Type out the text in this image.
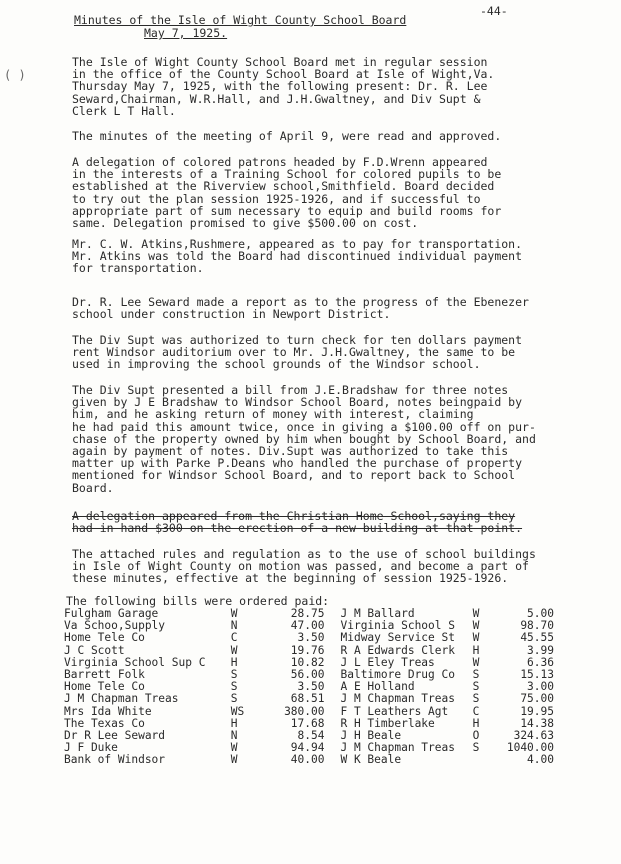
-44-
( )
Minutes of the Isle of Wight County School Board
May 7, 1925.
The Isle of Wight County School Board met in regular session
in the office of the County School Board at Isle of Wight,Va.
Thursday May 7, 1925, with the following present: Dr. R. Lee
Seward,Chairman, W.R.Hall, and J.H.Gwaltney, and Div Supt &
Clerk L T Hall.
The minutes of the meeting of April 9, were read and approved.
A delegation of colored patrons headed by F.D.Wrenn appeared
in the interests of a Training School for colored pupils to be
established at the Riverview school,Smithfield. Board decided
to try out the plan session 1925-1926, and if successful to
appropriate part of sum necessary to equip and build rooms for
same. Delegation promised to give $500.00 on cost.
Mr. C. W. Atkins,Rushmere, appeared as to pay for transportation.
Mr. Atkins was told the Board had discontinued individual payment
for transportation.
Dr. R. Lee Seward made a report as to the progress of the Ebenezer
school under construction in Newport District.
The Div Supt was authorized to turn check for ten dollars payment
rent Windsor auditorium over to Mr. J.H.Gwaltney, the same to be
used in improving the school grounds of the Windsor school.
The Div Supt presented a bill from J.E.Bradshaw for three notes
given by J E Bradshaw to Windsor School Board, notes beingpaid by
him, and he asking return of money with interest, claiming
he had paid this amount twice, once in giving a $100.00 off on pur-
chase of the property owned by him when bought by School Board, and
again by payment of notes. Div.Supt was authorized to take this
matter up with Parke P.Deans who handled the purchase of property
mentioned for Windsor School Board, and to report back to School
Board.
A delegation appeared from the Christian Home School,saying they
had in hand $300 on the erection of a new building at that point.
The attached rules and regulation as to the use of school buildings
in Isle of Wight County on motion was passed, and become a part of
these minutes, effective at the beginning of session 1925-1926.
The following bills were ordered paid:
Fulgham Garage	W	28.75	J M Ballard	W	5.00
Va Schoo,Supply	N	47.00	Virginia School S	W	98.70
Home Tele Co	C	3.50	Midway Service St	W	45.55
J C Scott	W	19.76	R A Edwards Clerk	H	3.99
Virginia School Sup C	H	10.82	J L Eley Treas	W	6.36
Barrett Folk	S	56.00	Baltimore Drug Co	S	15.13
Home Tele Co	S	3.50	A E Holland	S	3.00
J M Chapman Treas	S	68.51	J M Chapman Treas	S	75.00
Mrs Ida White	WS	380.00	F T Leathers Agt	C	19.95
The Texas Co	H	17.68	R H Timberlake	H	14.38
Dr R Lee Seward	N	8.54	J H Beale	O	324.63
J F Duke	W	94.94	J M Chapman Treas	S	1040.00
Bank of Windsor	W	40.00	W K Beale		4.00
